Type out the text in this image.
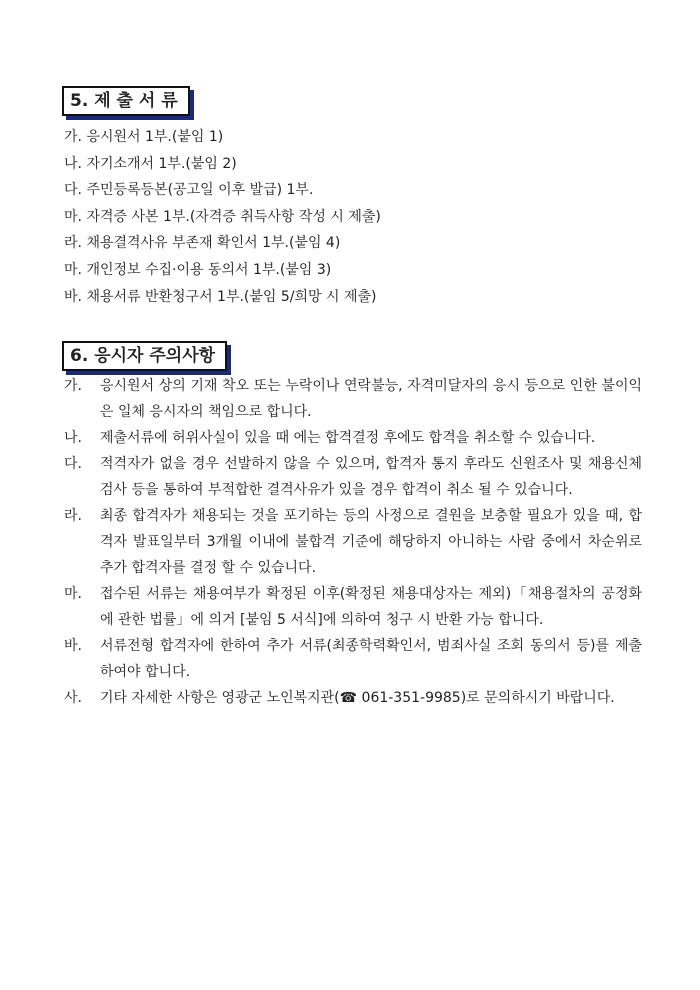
5. 제 출 서 류
가. 응시원서 1부.(붙임 1)
나. 자기소개서 1부.(붙임 2)
다. 주민등록등본(공고일 이후 발급) 1부.
마. 자격증 사본 1부.(자격증 취득사항 작성 시 제출)
라. 채용결격사유 부존재 확인서 1부.(붙임 4)
마. 개인정보 수집·이용 동의서 1부.(붙임 3)
바. 채용서류 반환청구서 1부.(붙임 5/희망 시 제출)
6. 응시자 주의사항
가.	응시원서 상의 기재 착오 또는 누락이나 연락불능, 자격미달자의 응시 등으로 인한 불이익은 일체 응시자의 책임으로 합니다.
나.	제출서류에 허위사실이 있을 때 에는 합격결정 후에도 합격을 취소할 수 있습니다.
다.	적격자가 없을 경우 선발하지 않을 수 있으며, 합격자 통지 후라도 신원조사 및 채용신체검사 등을 통하여 부적합한 결격사유가 있을 경우 합격이 취소 될 수 있습니다.
라.	최종 합격자가 채용되는 것을 포기하는 등의 사정으로 결원을 보충할 필요가 있을 때, 합격자 발표일부터 3개월 이내에 불합격 기준에 해당하지 아니하는 사람 중에서 차순위로 추가 합격자를 결정 할 수 있습니다.
마.	접수된 서류는 채용여부가 확정된 이후(확정된 채용대상자는 제외)「채용절차의 공정화에 관한 법률」에 의거 [붙임 5 서식]에 의하여 청구 시 반환 가능 합니다.
바.	서류전형 합격자에 한하여 추가 서류(최종학력확인서, 범죄사실 조회 동의서 등)를 제출 하여야 합니다.
사.	기타 자세한 사항은 영광군 노인복지관(☎ 061-351-9985)로 문의하시기 바랍니다.
